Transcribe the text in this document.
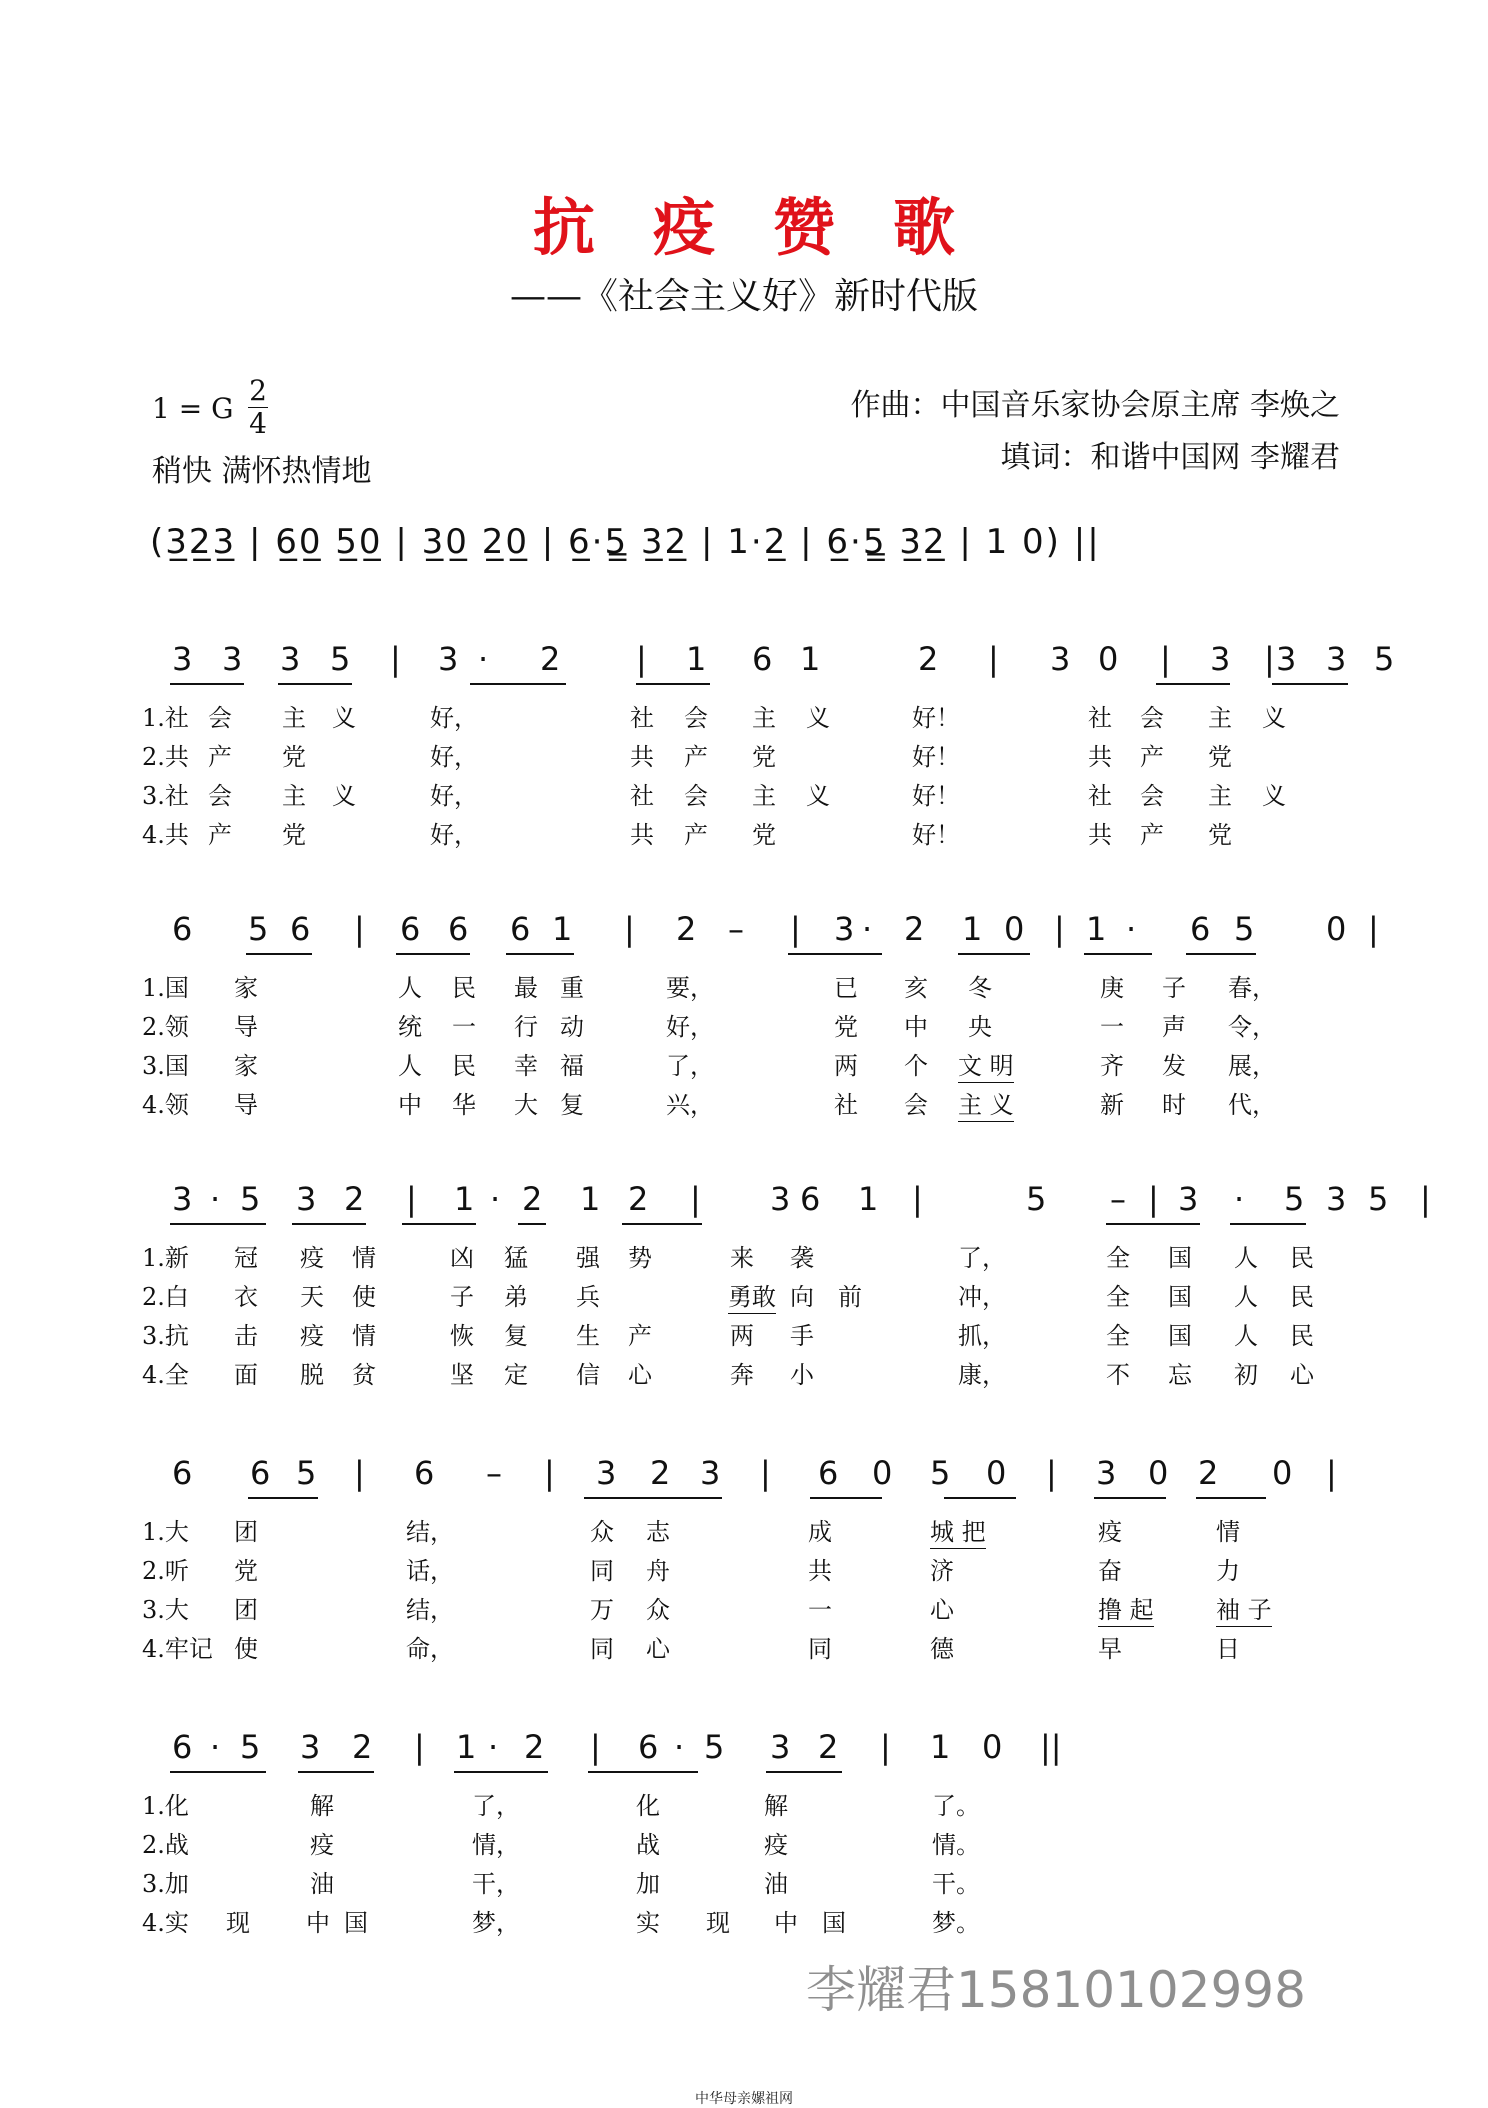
抗疫赞歌
——《社会主义好》新时代版
1 = G
2
4
稍快 满怀热情地
作曲：中国音乐家协会原主席 李焕之
填词：和谐中国网 李耀君
(3̲2̲3̲ | 6̲0̲ 5̲0̲ | 3̲0̲ 2̲0̲ | 6̲·5̳ 3̲2̲ | 1·2̲ | 6̲·5̳ 3̲2̲ | 1 0) ||
3 3 3 5 | 3 · 2 | 1 6 1	2 | 3 0 | 3 3 3 5
|
1.社 会 主 义	好，	社 会 主 义	好！	社 会 主 义
2.共 产 党	好，	共 产 党	好！	共 产 党
3.社 会 主 义	好，	社 会 主 义	好！	社 会 主 义
4.共 产 党	好，	共 产 党	好！	共 产 党
6 5 6 | 6 6 6 1 | 2 – | 3 · 2 1 0 | 1 · 6 5 0 |
1.国 家	人 民 最 重	要，	已 亥 冬	庚 子 春，
2.领 导	统 一 行 动	好，	党 中 央	一 声 令，
3.国 家	人 民 幸 福	了，	两 个 文 明	齐 发 展，
4.领 导	中 华 大 复	兴，	社 会 主 义	新 时 代，
3 · 5 3 2 | 1 · 2 1 2 | 3 6 1 |	5 – | 3 · 5 3 5 |
1.新 冠 疫 情	凶 猛 强 势	来 袭	了，	全 国 人 民
2.白 衣 天 使	子 弟 兵	勇敢 向 前	冲，	全 国 人 民
3.抗 击 疫 情	恢 复 生 产	两 手	抓，	全 国 人 民
4.全 面 脱 贫	坚 定 信 心	奔 小	康，	不 忘 初 心
6 6 5 | 6 – | 3 2 3 | 6 0 5 0 | 3 0 2 0 |
1.大 团	结，	众 志	成	城 把	疫	情
2.听 党	话，	同 舟	共	济	奋	力
3.大 团	结，	万 众	一	心	撸 起	袖 子
4.牢记 使	命，	同 心	同	德	早	日
6 · 5 3 2 | 1 · 2 | 6 · 5 3 2 | 1 0 ||
1.化	解	了，	化	解	了。
2.战	疫	情，	战	疫	情。
3.加	油	干，	加	油	干。
4.实 现 中 国	梦，	实 现 中 国	梦。
李耀君15810102998
中华母亲嫘祖网
